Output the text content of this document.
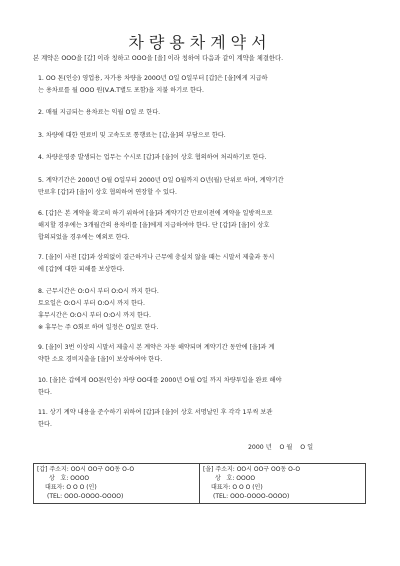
차량용차계약서
본 계약은 OOO을 [갑] 이라 칭하고 OOO을 [을] 이라 칭하여 다음과 같이 계약을 체결한다.
1. OO 톤(인승) 영업용, 자가용 차량을 200O년 O일 O일부터 [갑]은 [을]에게 지급하
는 용차료를 월 OOO 원(V.A.T별도 포함)을 지불 하기로 한다.
2. 매월 지급되는 용차료는 익월 O일 로 한다.
3. 차량에 대한 연료비 및 고속도로 통행료는 [갑,을]의 부담으로 한다.
4. 차량운영중 발생되는 업무는 수시로 [갑]과 [을]이 상호 협의하여 처리하기로 한다.
5. 계약기간은 2000년 O월 O일부터 2000년 O일 O월까지 O년(월) 단위로 하며, 계약기간
만료후 [갑]과 [을]이 상호 협의하여 연장할 수 있다.
6. [갑]은 본 계약을 확고히 하기 위하여 [을]과 계약기간 만료이전에 계약을 일방적으로
해지할 경우에는 3개월간의 용차비를 [을]에게 지급하여야 한다. 단 [갑]과 [을]이 상호
합의되었을 경우에는 예외로 한다.
7. [을]이 사전 [갑]과 상의없이 결근하거나 근무에 충실치 않을 때는 시말서 제출과 동시
에 [갑]에 대한 피해를 보상한다.
8. 근무시간은 O:O시 부터 O:O시 까지 한다.
토요일은 O:O시 부터 O:O시 까지 한다.
휴무시간은 O:O시 부터 O:O시 까지 한다.
※ 휴무는 주 O회로 하며 일정은 O일로 한다.
9. [을]이 3번 이상의 시말서 제출시 본 계약은 자동 해약되며 계약기간 동안에 [을]과 계
약한 소요 경비지출을 [을]이 보상하여야 한다.
10. [을]은 갑에게 OO톤(인승) 차량 OO대를 2000년 O월 O일 까지 차량투입을 완료 해야
한다.
11. 상기 계약 내용을 준수하기 위하여 [갑]과 [을]이 상호 서명날인 후 각각 1부씩 보관
한다.
2000 년    O 월    O 일
[갑] 주소지: OO시 OO구 OO동 O-O
상   호: OOOO
대표자: O O O (인)
(TEL: OOO-OOOO-OOOO)

[을] 주소지: OO시 OO구 OO동 O-O
상   호: OOOO
대표자: O O O (인)
(TEL: OOO-OOOO-OOOO)
